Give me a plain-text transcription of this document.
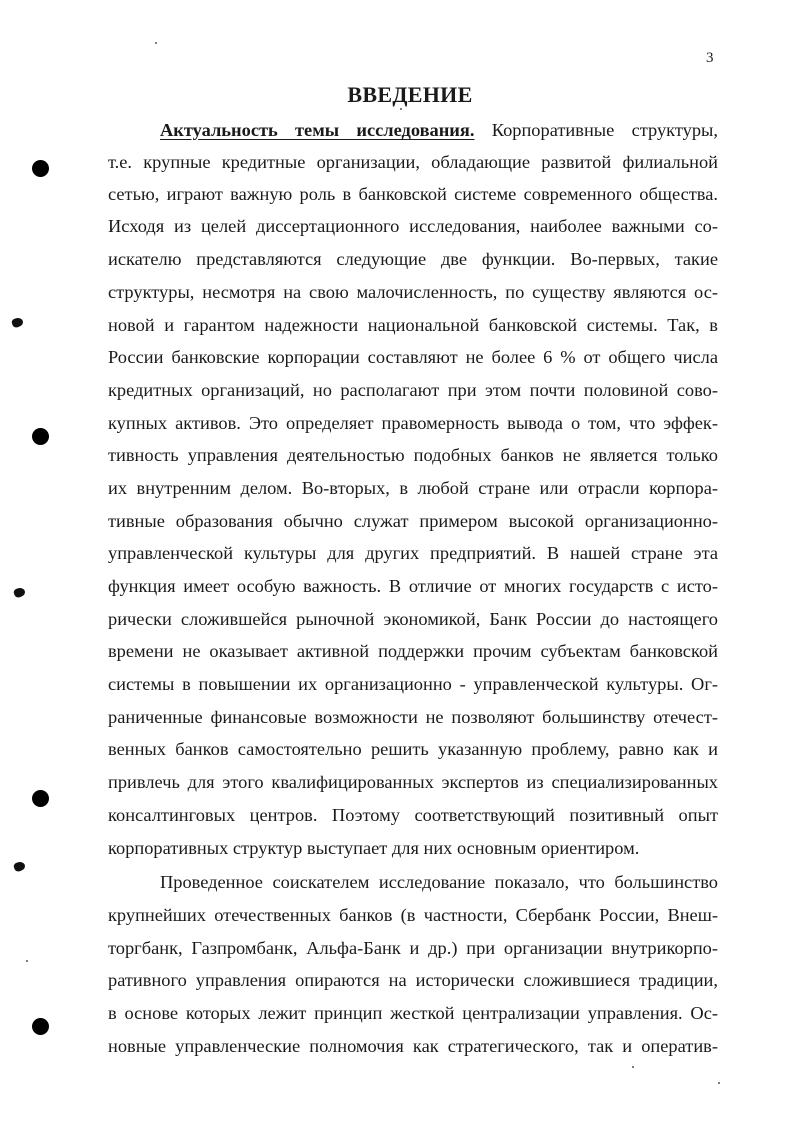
3
ВВЕДЕНИЕ
Актуальность темы исследования. Корпоративные структуры,
т.е. крупные кредитные организации, обладающие развитой филиальной
сетью, играют важную роль в банковской системе современного общества.
Исходя из целей диссертационного исследования, наиболее важными со-
искателю представляются следующие две функции. Во-первых, такие
структуры, несмотря на свою малочисленность, по существу являются ос-
новой и гарантом надежности национальной банковской системы. Так, в
России банковские корпорации составляют не более 6 % от общего числа
кредитных организаций, но располагают при этом почти половиной сово-
купных активов. Это определяет правомерность вывода о том, что эффек-
тивность управления деятельностью подобных банков не является только
их внутренним делом. Во-вторых, в любой стране или отрасли корпора-
тивные образования обычно служат примером высокой организационно-
управленческой культуры для других предприятий. В нашей стране эта
функция имеет особую важность. В отличие от многих государств с исто-
рически сложившейся рыночной экономикой, Банк России до настоящего
времени не оказывает активной поддержки прочим субъектам банковской
системы в повышении их организационно - управленческой культуры. Ог-
раниченные финансовые возможности не позволяют большинству отечест-
венных банков самостоятельно решить указанную проблему, равно как и
привлечь для этого квалифицированных экспертов из специализированных
консалтинговых центров. Поэтому соответствующий позитивный опыт
корпоративных структур выступает для них основным ориентиром.
Проведенное соискателем исследование показало, что большинство
крупнейших отечественных банков (в частности, Сбербанк России, Внеш-
торгбанк, Газпромбанк, Альфа-Банк и др.) при организации внутрикорпо-
ративного управления опираются на исторически сложившиеся традиции,
в основе которых лежит принцип жесткой централизации управления. Ос-
новные управленческие полномочия как стратегического, так и оператив-
